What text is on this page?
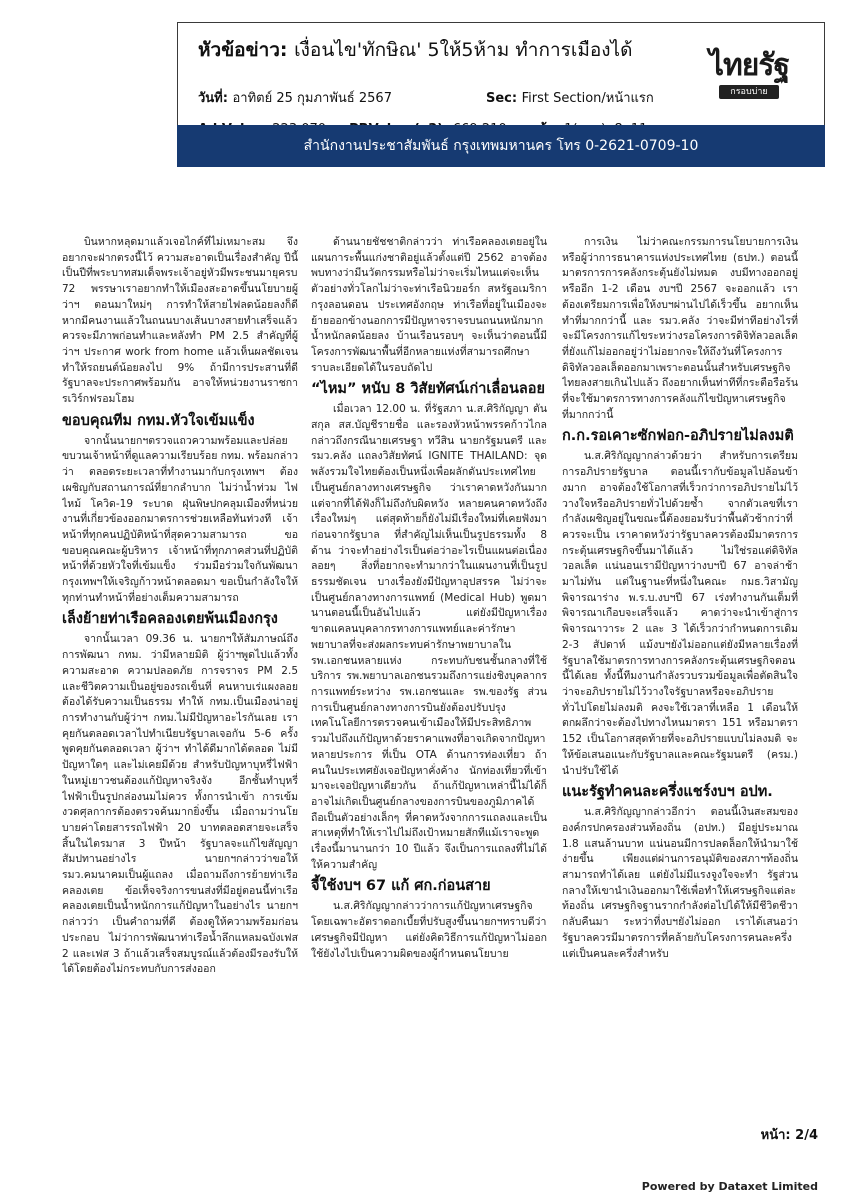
หัวข้อข่าว: เงื่อนไข'ทักษิณ' 5ให้5ห้าม ทำการเมืองได้
วันที่: อาทิตย์ 25 กุมภาพันธ์ 2567	Sec: First Section/หน้าแรก

ไทยรัฐ
กรอบบ่าย
สำนักงานประชาสัมพันธ์ กรุงเทพมหานคร โทร 0-2621-0709-10

บินหากหลุดมาแล้วเจอไกค์ที่ไม่เหมาะสม จึงอยากจะฝากตรงนี้ไว้ ความสะอาดเป็นเรื่องสำคัญ ปีนี้เป็นปีที่พระบาทสมเด็จพระเจ้าอยู่หัวมีพระชนมายุครบ 72 พรรษาเราอยากทำให้เมืองสะอาดขึ้นนโยบายผู้ว่าฯ ตอนมาใหม่ๆ การทำให้สายไฟลดน้อยลงก็ดี หากมีคนงานแล้วในถนนบางเส้นบางสายทำเสร็จแล้วควรจะมีภาพก่อนทำและหลังทำ PM 2.5 สำคัญที่ผู้ว่าฯ ประกาศ work from home แล้วเห็นผลชัดเจนทำให้รถยนต์น้อยลงไป 9% ถ้ามีการประสานที่ดีรัฐบาลจะประกาศพร้อมกัน อาจให้หน่วยงานราชการเวิร์กฟรอมโฮม

ขอบคุณทีม กทม.หัวใจเข้มแข็ง

จากนั้นนายกฯตรวจแถวความพร้อมและปล่อยขบวนเจ้าหน้าที่ดูแลความเรียบร้อย กทม. พร้อมกล่าวว่า ตลอดระยะเวลาที่ทำงานมากับกรุงเทพฯ ต้องเผชิญกับสถานการณ์ที่ยากลำบาก ไม่ว่าน้ำท่วม ไฟไหม้ โควิด-19 ระบาด ฝุ่นพิษปกคลุมเมืองที่หน่วยงานที่เกี่ยวข้องออกมาตรการช่วยเหลือทันท่วงที เจ้าหน้าที่ทุกคนปฏิบัติหน้าที่สุดความสามารถ ขอขอบคุณคณะผู้บริหาร เจ้าหน้าที่ทุกภาคส่วนที่ปฏิบัติหน้าที่ด้วยหัวใจที่เข้มแข็ง ร่วมมือร่วมใจกันพัฒนากรุงเทพฯให้เจริญก้าวหน้าตลอดมา ขอเป็นกำลังใจให้ทุกท่านทำหน้าที่อย่างเต็มความสามารถ

เล็งย้ายท่าเรือคลองเตยพ้นเมืองกรุง

จากนั้นเวลา 09.36 น. นายกฯให้สัมภาษณ์ถึงการพัฒนา กทม. ว่ามีหลายมิติ ผู้ว่าฯพูดไปแล้วทั้งความสะอาด ความปลอดภัย การจราจร PM 2.5 และชีวิตความเป็นอยู่ของรถเข็นที่ คนหาบเร่แผงลอยต้องได้รับความเป็นธรรม ทำให้ กทม.เป็นเมืองน่าอยู่ การทำงานกับผู้ว่าฯ กทม.ไม่มีปัญหาอะไรกันเลย เราคุยกันตลอดเวลาไปทำเนียบรัฐบาลเจอกัน 5-6 ครั้ง พูดคุยกันตลอดเวลา ผู้ว่าฯ ทำได้ดีมากได้ตลอด ไม่มีปัญหาใดๆ และไม่เคยมีด้วย สำหรับปัญหาบุหรี่ไฟฟ้าในหมู่เยาวชนต้องแก้ปัญหาจริงจัง อีกชั้นทำบุหรี่ไฟฟ้าเป็นรูปกล่องนมไม่ควร ทั้งการนำเข้า การเข้มงวดศุลกากรต้องตรวจค้นมากยิ่งขึ้น เมื่อถามว่านโยบายค่าโดยสารรถไฟฟ้า 20 บาทตลอดสายจะเสร็จสิ้นในไตรมาส 3 ปีหน้า รัฐบาลจะแก้ไขสัญญาสัมปทานอย่างไร นายกฯกล่าวว่าขอให้ รมว.คมนาคมเป็นผู้แถลง เมื่อถามถึงการย้ายท่าเรือคลองเตย ข้อเท็จจริงการขนส่งที่มีอยู่ตอนนี้ท่าเรือคลองเตยเป็นน้ำหนักการแก้ปัญหาในอย่างไร นายกฯกล่าวว่า เป็นคำถามที่ดี ต้องดูให้ความพร้อมก่อนประกอบ ไม่ว่าการพัฒนาท่าเรือน้ำลึกแหลมฉบังเฟส 2 และเฟส 3 ถ้าแล้วเสร็จสมบูรณ์แล้วต้องมีรองรับให้ได้โดยต้องไม่กระทบกับการส่งออก

ด้านนายชัชชาติกล่าวว่า ท่าเรือคลองเตยอยู่ในแผนการะพื้นแก่งชาติอยู่แล้วตั้งแต่ปี 2562 อาจต้องพบทางว่ามีนวัตกรรมหรือไม่ว่าจะเริ่มไหนแต่จะเห็นตัวอย่างทั่วโลกไม่ว่าจะท่าเรือนิวยอร์ก สหรัฐอเมริกา กรุงลอนดอน ประเทศอังกฤษ ท่าเรือที่อยู่ในเมืองจะย้ายออกข้างนอกการมีปัญหาจราจรบนถนนหนักมาก น้ำหนักลดน้อยลง บ้านเรือนรอบๆ จะเห็นว่าตอนนี้มีโครงการพัฒนาพื้นที่อีกหลายแห่งที่สามารถศึกษาราบละเอียดได้ในรอบถัดไป

“ไหม” หนับ 8 วิสัยทัศน์เก่าเลื่อนลอย

เมื่อเวลา 12.00 น. ที่รัฐสภา น.ส.ศิริกัญญา ตันสกุล สส.บัญชีรายชื่อ และรองหัวหน้าพรรคก้าวไกล กล่าวถึงกรณีนายเศรษฐา ทวีสิน นายกรัฐมนตรี และ รมว.คลัง แถลงวิสัยทัศน์ IGNITE THAILAND: จุดพลังรวมใจไทยต้องเป็นหนึ่งเพื่อผลักดันประเทศไทยเป็นศูนย์กลางทางเศรษฐกิจ ว่าเราคาดหวังกันมาก แต่จากที่ได้ฟังก็ไม่ถึงกับผิดหวัง หลายคนคาดหวังถึงเรื่องใหม่ๆ แต่สุดท้ายก็ยังไม่มีเรื่องใหม่ที่เคยฟังมาก่อนจากรัฐบาล ที่สำคัญไม่เห็นเป็นรูปธรรมทั้ง 8 ด้าน ว่าจะทำอย่างไรเป็นต่อว่าอะไรเป็นแผนต่อเนื่อง ลอยๆ สิ่งที่อยากจะทำมากว่าในแผนงานที่เป็นรูปธรรมชัดเจน บางเรื่องยังมีปัญหาอุปสรรค ไม่ว่าจะเป็นศูนย์กลางทางการแพทย์ (Medical Hub) พูดมานานตอนนี้เป็นอันไปแล้ว แต่ยังมีปัญหาเรื่องขาดแคลนบุคลากรทางการแพทย์และค่ารักษาพยาบาลที่จะส่งผลกระทบค่ารักษาพยาบาลใน รพ.เอกชนหลายแห่ง กระทบกับชนชั้นกลางที่ใช้บริการ รพ.พยาบาลเอกชนรวมถึงการแย่งชิงบุคลากรการแพทย์ระหว่าง รพ.เอกชนและ รพ.ของรัฐ ส่วนการเป็นศูนย์กลางทางการบินยังต้องปรับปรุงเทคโนโลยีการตรวจคนเข้าเมืองให้มีประสิทธิภาพ รวมไปถึงแก้ปัญหาด้วยราคาแพงที่อาจเกิดจากปัญหาหลายประการ ที่เป็น OTA ด้านการท่องเที่ยว ถ้าคนในประเทศยังเจอปัญหาคั่งค้าง นักท่องเที่ยวที่เข้ามาจะเจอปัญหาเดียวกัน ถ้าแก้ปัญหาเหล่านี้ไม่ได้ก็อาจไม่เกิดเป็นศูนย์กลางของการบินของภูมิภาคได้ ถือเป็นตัวอย่างเล็กๆ ที่คาดหวังจากการแถลงและเป็นสาเหตุที่ทำให้เราไปไม่ถึงเป้าหมายสักทีแม้เราจะพูดเรื่องนี้มานานกว่า 10 ปีแล้ว จึงเป็นการแถลงที่ไม่ได้ให้ความสำคัญ

จี้ใช้งบฯ 67 แก้ ศก.ก่อนสาย

น.ส.ศิริกัญญากล่าวว่าการแก้ปัญหาเศรษฐกิจโดยเฉพาะอัตราดอกเบี้ยที่ปรับสูงขึ้นนายกฯทราบดีว่าเศรษฐกิจมีปัญหา แต่ยังคิดวิธีการแก้ปัญหาไม่ออก ใช้ยังไงไปเป็นความผิดของผู้กำหนดนโยบาย

การเงิน ไม่ว่าคณะกรรมการนโยบายการเงินหรือผู้ว่าการธนาคารแห่งประเทศไทย (ธปท.) ตอนนี้มาตรการการคลังกระตุ้นยังไม่หมด งบมีทางออกอยู่ หรืออีก 1-2 เดือน งบฯปี 2567 จะออกแล้ว เราต้องเตรียมการเพื่อให้งบฯผ่านไปได้เร็วขึ้น อยากเห็นทำที่มากกว่านี้ และ รมว.คลัง ว่าจะมีท่าทีอย่างไรที่จะมีโครงการแก้ไขระหว่างรอโครงการดิจิทัลวอลเล็ตที่ยังแก้ไม่ออกอยู่ว่าไม่อยากจะให้ถึงวันที่โครงการดิจิทัลวอลเล็ตออกมาเพราะตอนนั้นสำหรับเศรษฐกิจไทยลงสายเกินไปแล้ว ถึงอยากเห็นท่าทีที่กระตือรือร้นที่จะใช้มาตรการทางการคลังแก้ไขปัญหาเศรษฐกิจที่มากกว่านี้

ก.ก.รอเคาะซักฟอก-อภิปรายไม่ลงมติ

น.ส.ศิริกัญญากล่าวด้วยว่า สำหรับการเตรียมการอภิปรายรัฐบาล ตอนนี้เรากับข้อมูลไปล้อนข้างมาก อาจต้องใช้โอกาสที่เร็วกว่าการอภิปรายไม่ไว้วางใจหรืออภิปรายทั่วไปด้วยซ้ำ จากตัวเลขที่เรากำลังเผชิญอยู่ในขณะนี้ต้องยอมรับว่าพื้นตัวช้ากว่าที่ควรจะเป็น เราคาดหวังว่ารัฐบาลควรต้องมีมาตรการกระตุ้นเศรษฐกิจขึ้นมาได้แล้ว ไม่ใช่รอแต่ดิจิทัลวอลเล็ต แน่นอนเรามีปัญหาว่างบฯปี 67 อาจล่าช้ามาไม่ทัน แต่ในฐานะที่หนึ่งในคณะ กมธ.วิสามัญพิจารณาร่าง พ.ร.บ.งบฯปี 67 เร่งทำงานกันเต็มที่ พิจารณาเกือบจะเสร็จแล้ว คาดว่าจะนำเข้าสู่การพิจารณาวาระ 2 และ 3 ได้เร็วกว่ากำหนดการเดิม 2-3 สัปดาห์ แม้งบฯยังไม่ออกแต่ยังมีหลายเรื่องที่รัฐบาลใช้มาตรการทางการคลังกระตุ้นเศรษฐกิจตอนนี้ได้เลย ทั้งนี้ทีมงานกำลังรวบรวมข้อมูลเพื่อตัดสินใจว่าจะอภิปรายไม่ไว้วางใจรัฐบาลหรือจะอภิปรายทั่วไปโดยไม่ลงมติ คงจะใช้เวลาที่เหลือ 1 เดือนให้ตกผลึกว่าจะต้องไปทางไหนมาตรา 151 หรือมาตรา 152 เป็นโอกาสสุดท้ายที่จะอภิปรายแบบไม่ลงมติ จะให้ข้อเสนอแนะกับรัฐบาลและคณะรัฐมนตรี (ครม.) นำปรับใช้ได้

แนะรัฐทำคนละครึ่งแชร์งบฯ อปท.

น.ส.ศิริกัญญากล่าวอีกว่า ตอนนี้เงินสะสมขององค์กรปกครองส่วนท้องถิ่น (อปท.) มีอยู่ประมาณ 1.8 แสนล้านบาท แน่นอนมีการปลดล็อกให้นำมาใช้ง่ายขึ้น เพียงแต่ผ่านการอนุมัติของสภาฯท้องถิ่นสามารถทำได้เลย แต่ยังไม่มีแรงจูงใจจะทำ รัฐส่วนกลางให้เขานำเงินออกมาใช้เพื่อทำให้เศรษฐกิจแต่ละท้องถิ่น เศรษฐกิจฐานรากกำลังต่อไปได้ให้มีชีวิตชีวากลับคืนมา ระหว่าที่งบฯยังไม่ออก เราได้เสนอว่ารัฐบาลควรมีมาตรการที่คล้ายกับโครงการคนละครึ่ง แต่เป็นคนละครึ่งสำหรับ

หน้า: 2/4
Powered by Dataxet Limited
